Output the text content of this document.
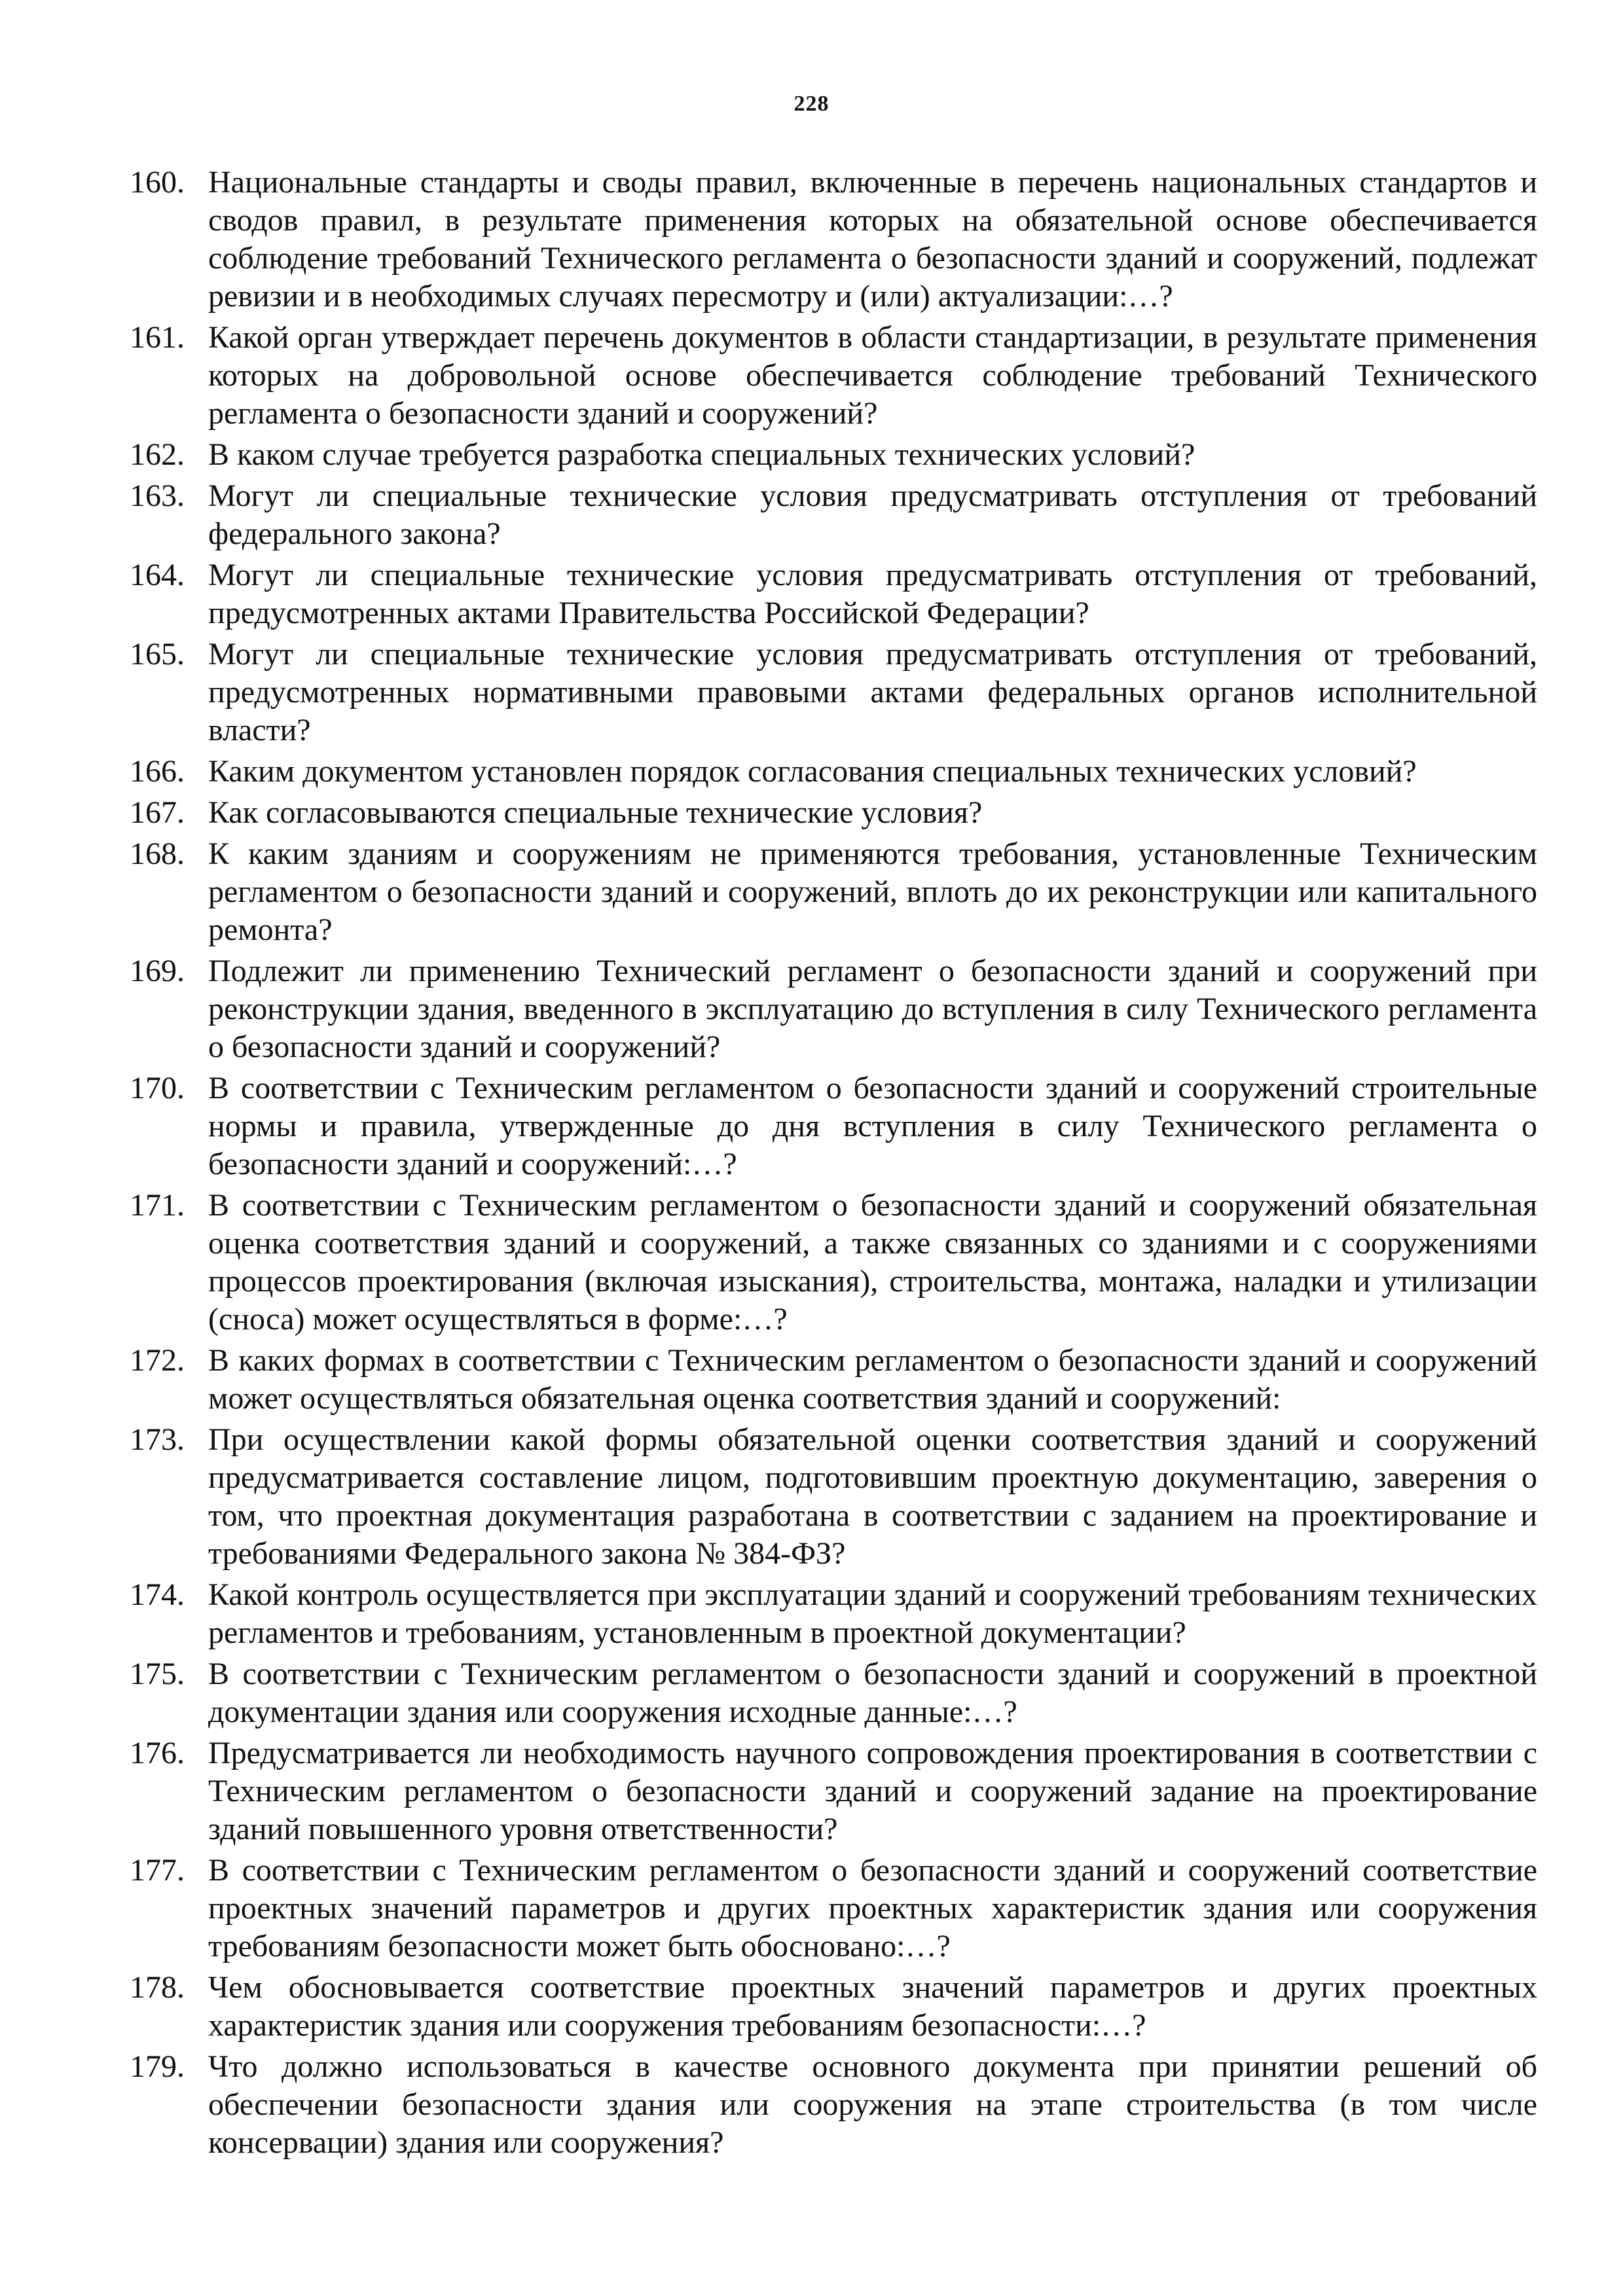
228
160. Национальные стандарты и своды правил, включенные в перечень национальных стандартов и сводов правил, в результате применения которых на обязательной основе обеспечивается соблюдение требований Технического регламента о безопасности зданий и сооружений, подлежат ревизии и в необходимых случаях пересмотру и (или) актуализации:…?
161. Какой орган утверждает перечень документов в области стандартизации, в результате применения которых на добровольной основе обеспечивается соблюдение требований Технического регламента о безопасности зданий и сооружений?
162. В каком случае требуется разработка специальных технических условий?
163. Могут ли специальные технические условия предусматривать отступления от требований федерального закона?
164. Могут ли специальные технические условия предусматривать отступления от требований, предусмотренных актами Правительства Российской Федерации?
165. Могут ли специальные технические условия предусматривать отступления от требований, предусмотренных нормативными правовыми актами федеральных органов исполнительной власти?
166. Каким документом установлен порядок согласования специальных технических условий?
167. Как согласовываются специальные технические условия?
168. К каким зданиям и сооружениям не применяются требования, установленные Техническим регламентом о безопасности зданий и сооружений, вплоть до их реконструкции или капитального ремонта?
169. Подлежит ли применению Технический регламент о безопасности зданий и сооружений при реконструкции здания, введенного в эксплуатацию до вступления в силу Технического регламента о безопасности зданий и сооружений?
170. В соответствии с Техническим регламентом о безопасности зданий и сооружений строительные нормы и правила, утвержденные до дня вступления в силу Технического регламента о безопасности зданий и сооружений:…?
171. В соответствии с Техническим регламентом о безопасности зданий и сооружений обязательная оценка соответствия зданий и сооружений, а также связанных со зданиями и с сооружениями процессов проектирования (включая изыскания), строительства, монтажа, наладки и утилизации (сноса) может осуществляться в форме:…?
172. В каких формах в соответствии с Техническим регламентом о безопасности зданий и сооружений может осуществляться обязательная оценка соответствия зданий и сооружений:
173. При осуществлении какой формы обязательной оценки соответствия зданий и сооружений предусматривается составление лицом, подготовившим проектную документацию, заверения о том, что проектная документация разработана в соответствии с заданием на проектирование и требованиями Федерального закона № 384-ФЗ?
174. Какой контроль осуществляется при эксплуатации зданий и сооружений требованиям технических регламентов и требованиям, установленным в проектной документации?
175. В соответствии с Техническим регламентом о безопасности зданий и сооружений в проектной документации здания или сооружения исходные данные:…?
176. Предусматривается ли необходимость научного сопровождения проектирования в соответствии с Техническим регламентом о безопасности зданий и сооружений задание на проектирование зданий повышенного уровня ответственности?
177. В соответствии с Техническим регламентом о безопасности зданий и сооружений соответствие проектных значений параметров и других проектных характеристик здания или сооружения требованиям безопасности может быть обосновано:…?
178. Чем обосновывается соответствие проектных значений параметров и других проектных характеристик здания или сооружения требованиям безопасности:…?
179. Что должно использоваться в качестве основного документа при принятии решений об обеспечении безопасности здания или сооружения на этапе строительства (в том числе консервации) здания или сооружения?
